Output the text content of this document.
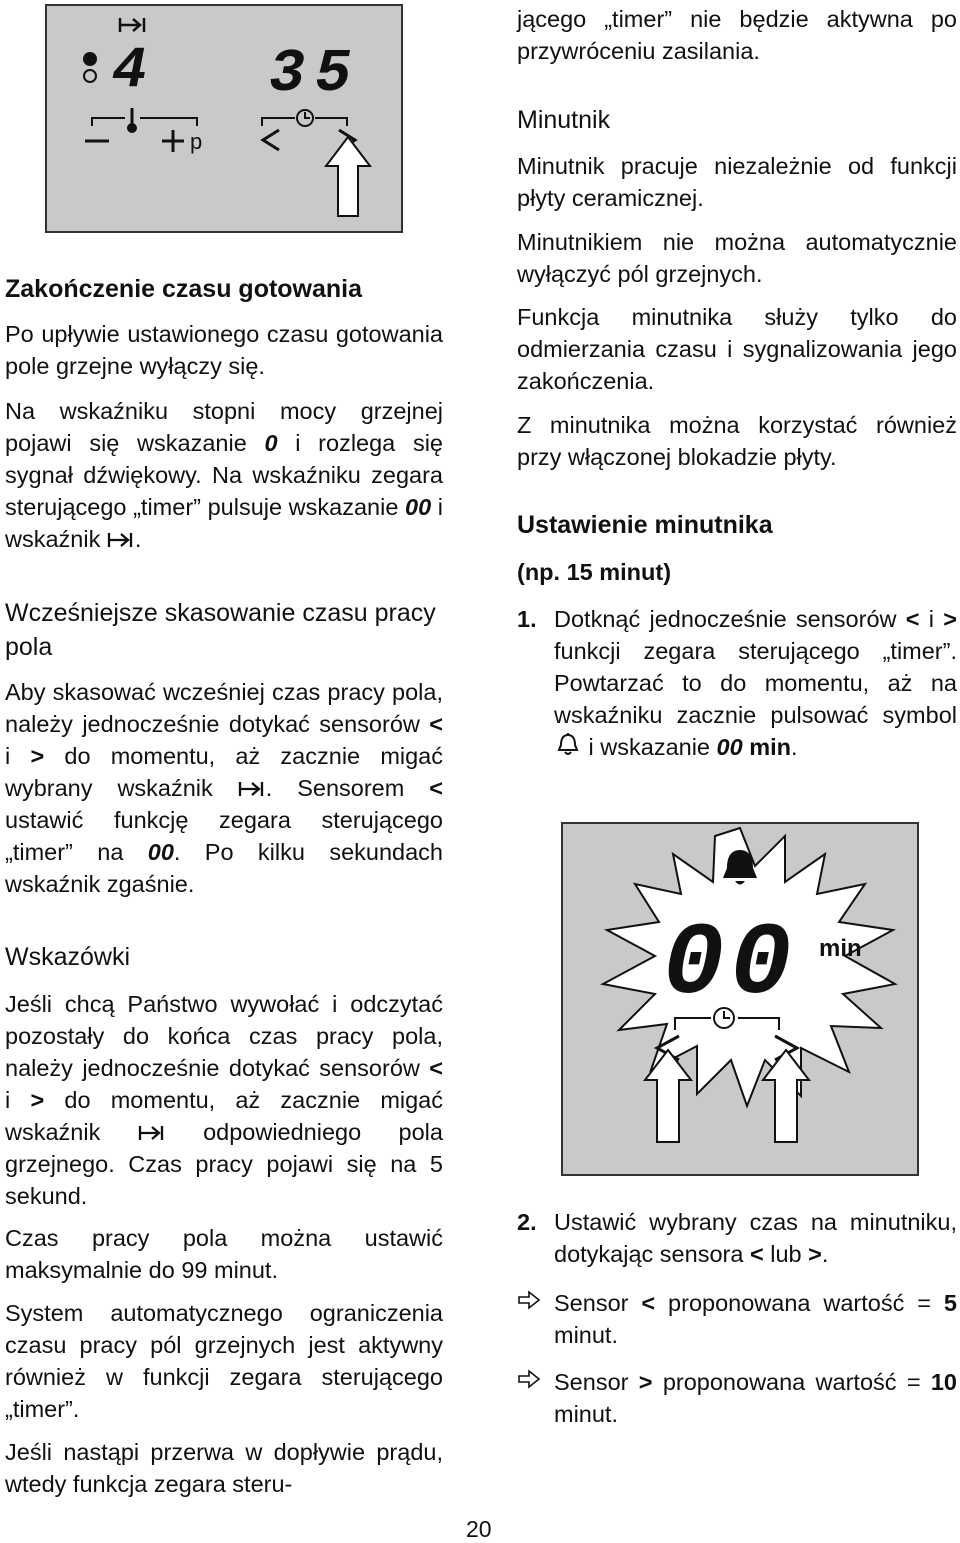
4 35
p
Zakończenie czasu gotowania

Po upływie ustawionego czasu gotowania pole grzejne wyłączy się.

Na wskaźniku stopni mocy grzejnej pojawi się wskazanie 0 i rozlega się sygnał dźwiękowy. Na wskaźniku zegara sterującego „timer” pulsuje wskazanie 00 i wskaźnik .

Wcześniejsze skasowanie czasu pracy pola

Aby skasować wcześniej czas pracy pola, należy jednocześnie dotykać sensorów < i > do momentu, aż zacznie migać wybrany wskaźnik . Sensorem < ustawić funkcję zegara sterującego „timer” na 00. Po kilku sekundach wskaźnik zgaśnie.

Wskazówki

Jeśli chcą Państwo wywołać i odczytać pozostały do końca czas pracy pola, należy jednocześnie dotykać sensorów < i > do momentu, aż zacznie migać wskaźnik  odpowiedniego pola grzejnego. Czas pracy pojawi się na 5 sekund.

Czas pracy pola można ustawić maksymalnie do 99 minut.

System automatycznego ograniczenia czasu pracy pól grzejnych jest aktywny również w funkcji zegara sterującego „timer”.

Jeśli nastąpi przerwa w dopływie prądu, wtedy funkcja zegara steru-

jącego „timer” nie będzie aktywna po przywróceniu zasilania.

Minutnik

Minutnik pracuje niezależnie od funkcji płyty ceramicznej.

Minutnikiem nie można automatycznie wyłączyć pól grzejnych.

Funkcja minutnika służy tylko do odmierzania czasu i sygnalizowania jego zakończenia.

Z minutnika można korzystać również przy włączonej blokadzie płyty.

Ustawienie minutnika
(np. 15 minut)
1. Dotknąć jednocześnie sensorów < i > funkcji zegara sterującego „timer”. Powtarzać to do momentu, aż na wskaźniku zacznie pulsować symbol  i wskazanie 00 min.

00 min
2. Ustawić wybrany czas na minutniku, dotykając sensora < lub >.

Sensor < proponowana wartość = 5 minut.

Sensor > proponowana wartość = 10 minut.

20
